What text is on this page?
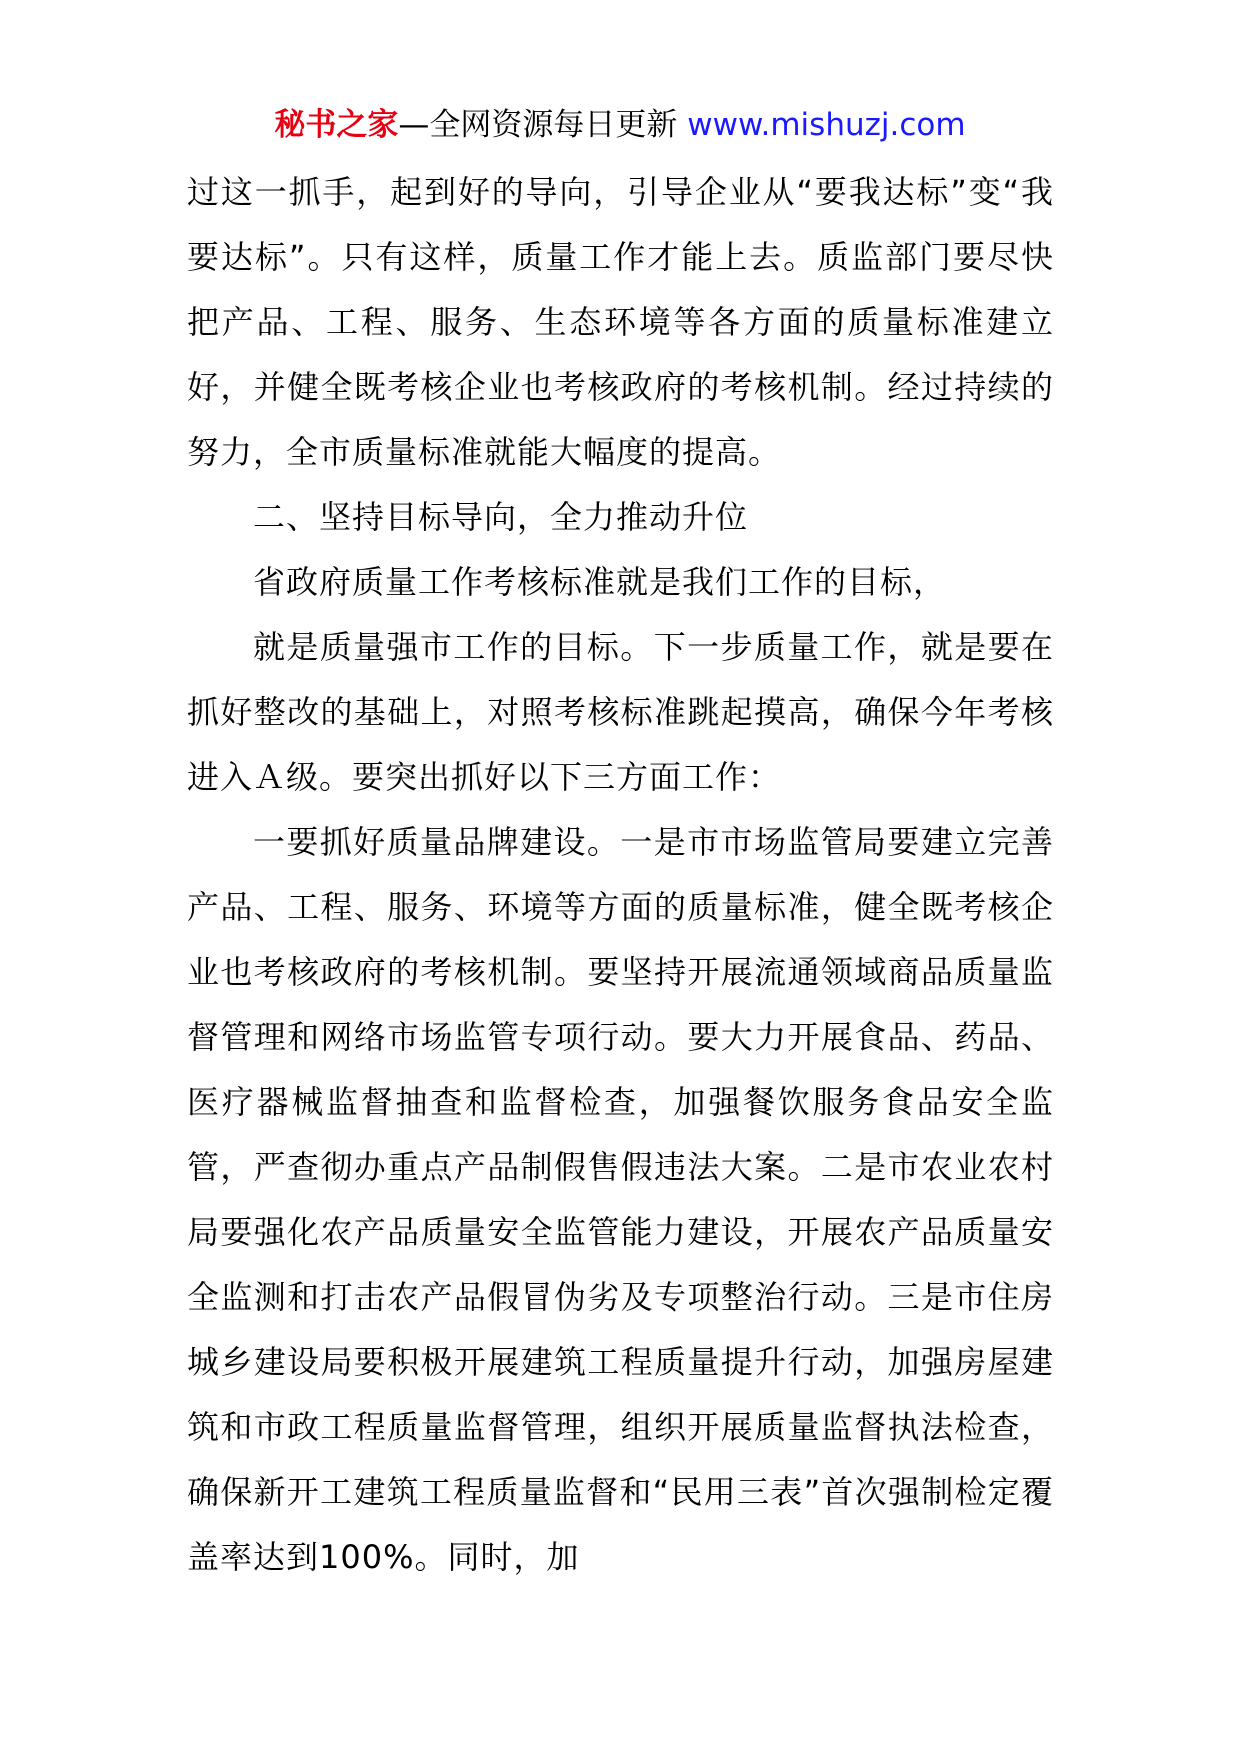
秘书之家—全网资源每日更新 www.mishuzj.com

过这一抓手，起到好的导向，引导企业从“要我达标”变“我要达标”。只有这样，质量工作才能上去。质监部门要尽快把产品、工程、服务、生态环境等各方面的质量标准建立好，并健全既考核企业也考核政府的考核机制。经过持续的努力，全市质量标准就能大幅度的提高。

二、坚持目标导向，全力推动升位

省政府质量工作考核标准就是我们工作的目标，

就是质量强市工作的目标。下一步质量工作，就是要在抓好整改的基础上，对照考核标准跳起摸高，确保今年考核进入Ａ级。要突出抓好以下三方面工作：

一要抓好质量品牌建设。一是市市场监管局要建立完善产品、工程、服务、环境等方面的质量标准，健全既考核企业也考核政府的考核机制。要坚持开展流通领域商品质量监督管理和网络市场监管专项行动。要大力开展食品、药品、医疗器械监督抽查和监督检查，加强餐饮服务食品安全监管，严查彻办重点产品制假售假违法大案。二是市农业农村局要强化农产品质量安全监管能力建设，开展农产品质量安全监测和打击农产品假冒伪劣及专项整治行动。三是市住房城乡建设局要积极开展建筑工程质量提升行动，加强房屋建筑和市政工程质量监督管理，组织开展质量监督执法检查，确保新开工建筑工程质量监督和“民用三表”首次强制检定覆盖率达到100%。同时，加
